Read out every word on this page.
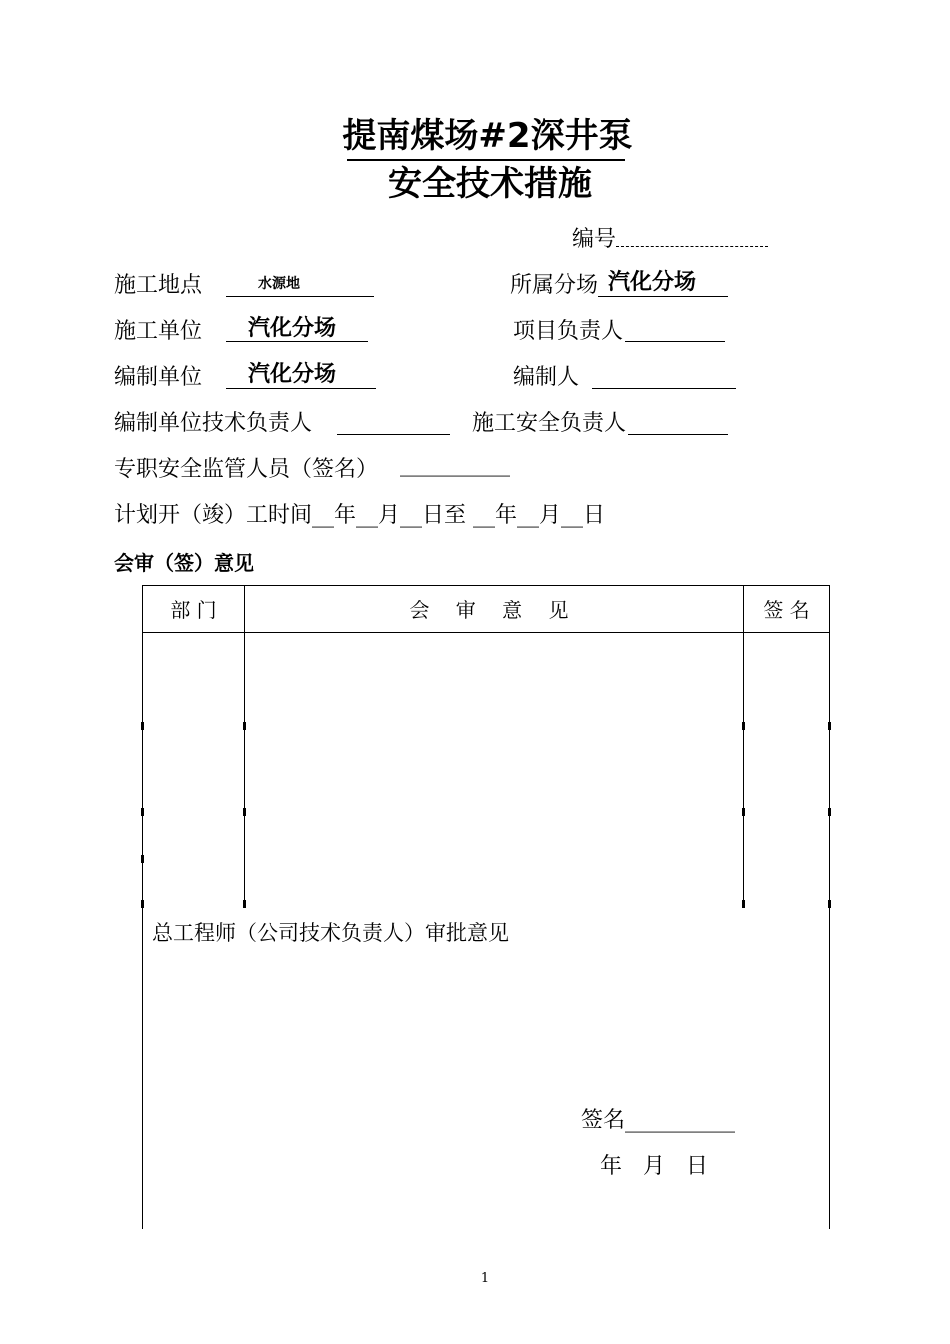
提南煤场#2深井泵
安全技术措施
编号
施工地点	水源地	所属分场 汽化分场
施工单位 汽化分场	项目负责人
编制单位 汽化分场	编制人
编制单位技术负责人	施工安全负责人
专职安全监管人员（签名） __________
计划开（竣）工时间__年__月__日至 __年__月__日
会审（签）意见
部 门	会 审 意 见	签 名
总工程师（公司技术负责人）审批意见
签名__________
年 月 日
1
